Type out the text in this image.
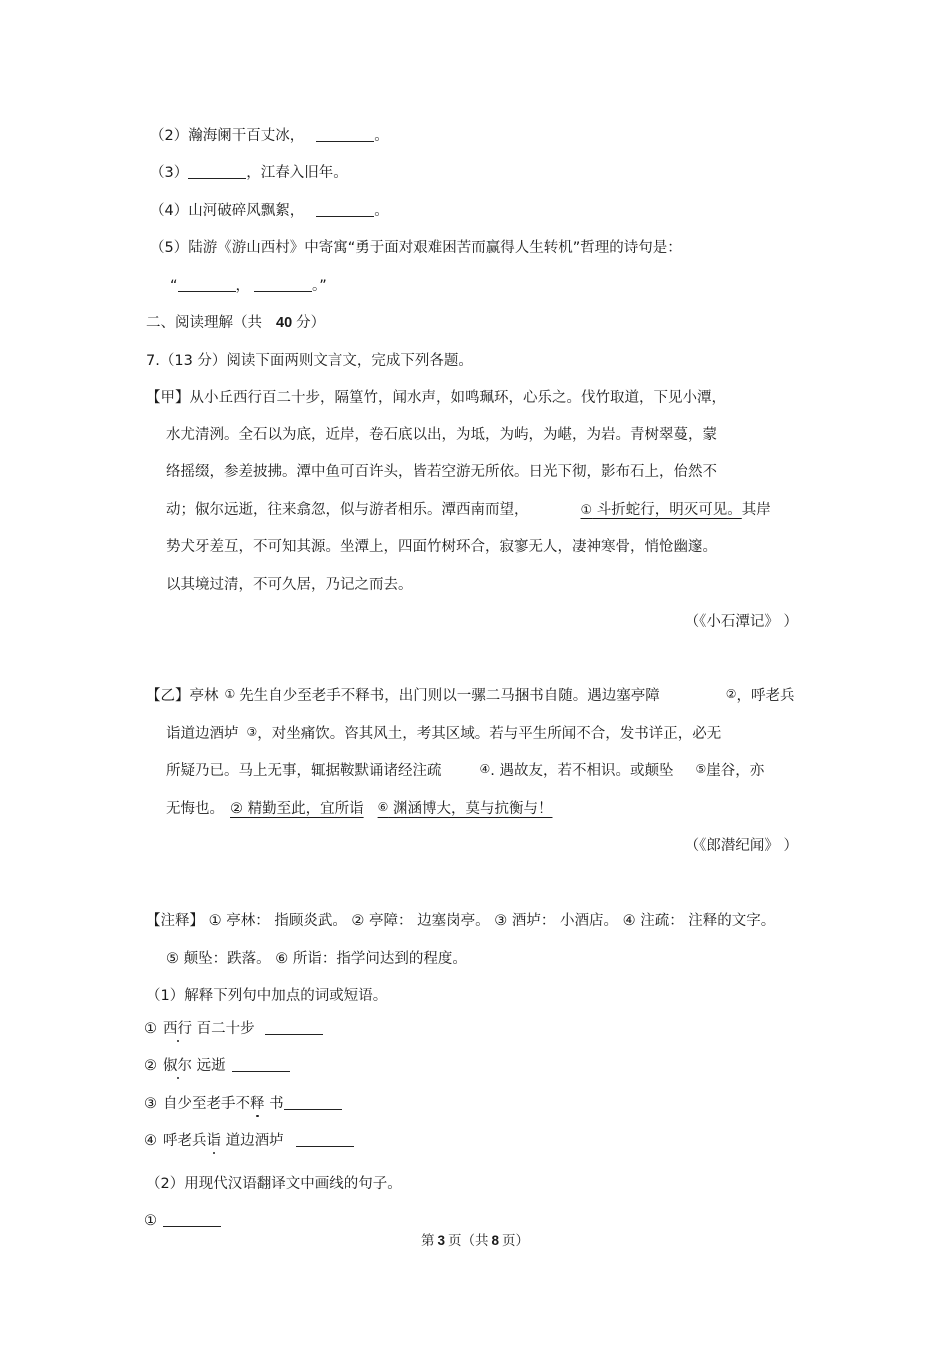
（2）瀚海阑干百丈冰，	。
（3）	，江春入旧年。
（4）山河破碎风飘絮，	。
（5）陆游《游山西村》中寄寓“勇于面对艰难困苦而赢得人生转机”哲理的诗句是：
“	，	。”
二、阅读理解（共 40 分）
7.（13 分）阅读下面两则文言文，完成下列各题。
【甲】从小丘西行百二十步，隔篁竹，闻水声，如鸣珮环，心乐之。伐竹取道，下见小潭，
水尤清洌。全石以为底，近岸，卷石底以出，为坻，为屿，为嵁，为岩。青树翠蔓，蒙
络摇缀，参差披拂。潭中鱼可百许头，皆若空游无所依。日光下彻，影布石上，佁然不
动；俶尔远逝，往来翕忽，似与游者相乐。潭西南而望，	① 斗折蛇行，明灭可见。其岸
势犬牙差互，不可知其源。坐潭上，四面竹树环合，寂寥无人，凄神寒骨，悄怆幽邃。
以其境过清，不可久居，乃记之而去。
（《小石潭记》 ）
【乙】亭林 ① 先生自少至老手不释书，出门则以一骡二马捆书自随。遇边塞亭障	②，呼老兵
诣道边酒垆 ③，对坐痛饮。咨其风土，考其区域。若与平生所闻不合，发书详正，必无
所疑乃已。马上无事，辄据鞍默诵诸经注疏	④. 遇故友，若不相识。或颠坠 ⑤崖谷，亦
无悔也。 ② 精勤至此，宜所诣 ⑥ 渊涵博大，莫与抗衡与！
（《郎潜纪闻》 ）
【注释】 ① 亭林： 指顾炎武。 ② 亭障： 边塞岗亭。 ③ 酒垆： 小酒店。 ④ 注疏： 注释的文字。
⑤ 颠坠：跌落。 ⑥ 所诣：指学问达到的程度。
（1）解释下列句中加点的词或短语。
① 西行 百二十步
② 俶尔 远逝
③ 自少至老手不释 书
④ 呼老兵诣 道边酒垆
（2）用现代汉语翻译文中画线的句子。
①
第 3 页（共 8 页）
